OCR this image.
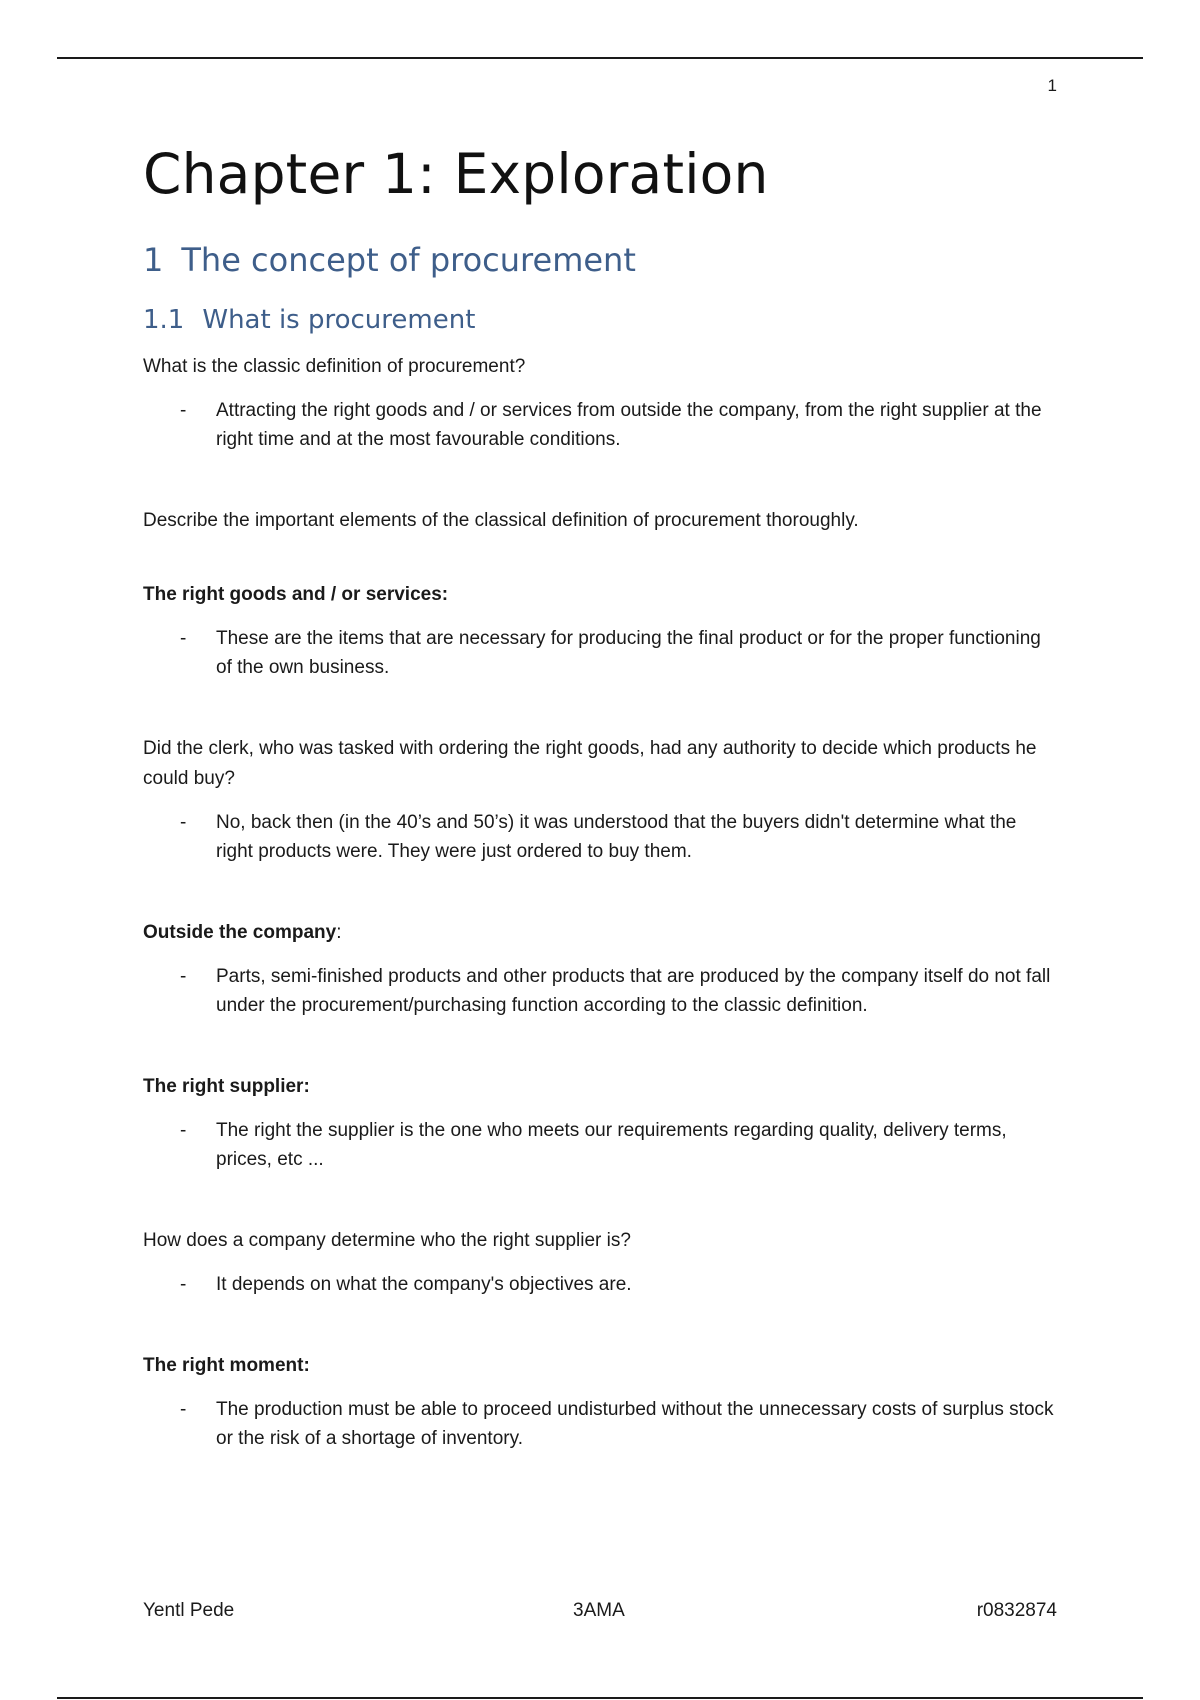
1
Chapter 1: Exploration
1 The concept of procurement
1.1 What is procurement

What is the classic definition of procurement?

- Attracting the right goods and / or services from outside the company, from the right supplier at the right time and at the most favourable conditions.

Describe the important elements of the classical definition of procurement thoroughly.

The right goods and / or services:

- These are the items that are necessary for producing the final product or for the proper functioning of the own business.

Did the clerk, who was tasked with ordering the right goods, had any authority to decide which products he could buy?

- No, back then (in the 40’s and 50’s) it was understood that the buyers didn't determine what the right products were. They were just ordered to buy them.

Outside the company:

- Parts, semi-finished products and other products that are produced by the company itself do not fall under the procurement/purchasing function according to the classic definition.

The right supplier:

- The right the supplier is the one who meets our requirements regarding quality, delivery terms, prices, etc ...

How does a company determine who the right supplier is?

- It depends on what the company's objectives are.

The right moment:

- The production must be able to proceed undisturbed without the unnecessary costs of surplus stock or the risk of a shortage of inventory.
Yentl Pede	3AMA	r0832874
